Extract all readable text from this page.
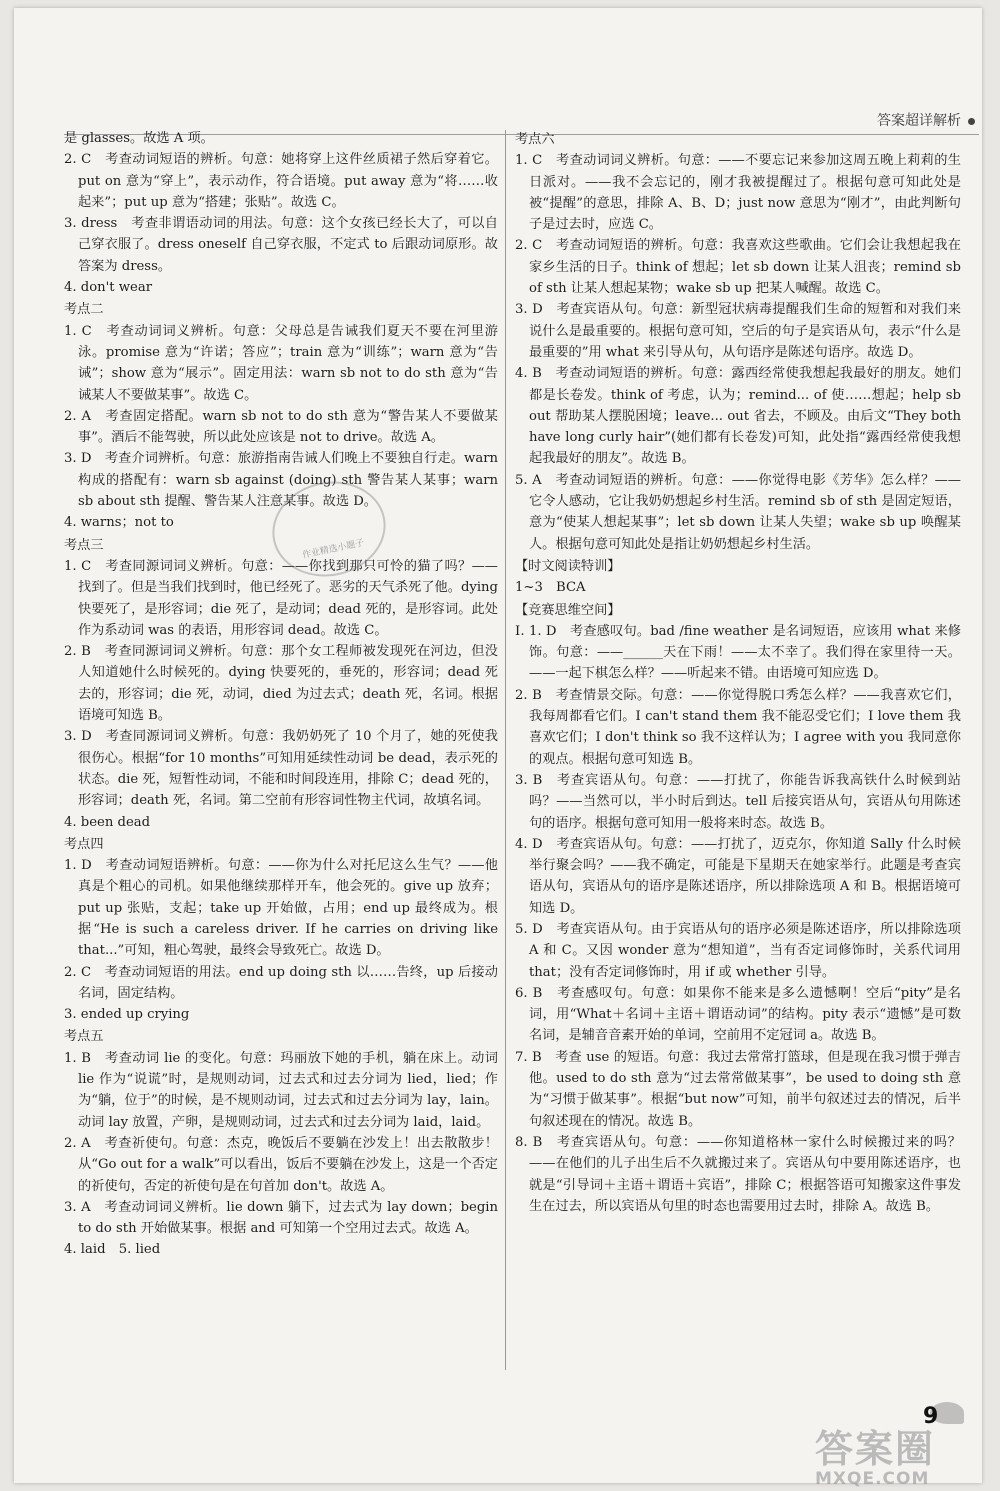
答案超详解析

是 glasses。故选 A 项。

2. C　考查动词短语的辨析。句意：她将穿上这件丝质裙子然后穿着它。put on 意为“穿上”，表示动作，符合语境。put away 意为“将……收起来”；put up 意为“搭建；张贴”。故选 C。

3. dress　考查非谓语动词的用法。句意：这个女孩已经长大了，可以自己穿衣服了。dress oneself 自己穿衣服，不定式 to 后跟动词原形。故答案为 dress。

4. don't wear

考点二

1. C　考查动词词义辨析。句意：父母总是告诫我们夏天不要在河里游泳。promise 意为“许诺；答应”；train 意为“训练”；warn 意为“告诫”；show 意为“展示”。固定用法：warn sb not to do sth 意为“告诫某人不要做某事”。故选 C。

2. A　考查固定搭配。warn sb not to do sth 意为“警告某人不要做某事”。酒后不能驾驶，所以此处应该是 not to drive。故选 A。

3. D　考查介词辨析。句意：旅游指南告诫人们晚上不要独自行走。warn 构成的搭配有：warn sb against (doing) sth 警告某人某事；warn sb about sth 提醒、警告某人注意某事。故选 D。

4. warns；not to

考点三

1. C　考查同源词词义辨析。句意：——你找到那只可怜的猫了吗？——找到了。但是当我们找到时，他已经死了。恶劣的天气杀死了他。dying 快要死了，是形容词；die 死了，是动词；dead 死的，是形容词。此处作为系动词 was 的表语，用形容词 dead。故选 C。

2. B　考查同源词词义辨析。句意：那个女工程师被发现死在河边，但没人知道她什么时候死的。dying 快要死的，垂死的，形容词；dead 死去的，形容词；die 死，动词，died 为过去式；death 死，名词。根据语境可知选 B。

3. D　考查同源词词义辨析。句意：我奶奶死了 10 个月了，她的死使我很伤心。根据“for 10 months”可知用延续性动词 be dead，表示死的状态。die 死，短暂性动词，不能和时间段连用，排除 C；dead 死的，形容词；death 死，名词。第二空前有形容词性物主代词，故填名词。

4. been dead

考点四

1. D　考查动词短语辨析。句意：——你为什么对托尼这么生气？——他真是个粗心的司机。如果他继续那样开车，他会死的。give up 放弃；put up 张贴，支起；take up 开始做，占用；end up 最终成为。根据“He is such a careless driver. If he carries on driving like that...”可知，粗心驾驶，最终会导致死亡。故选 D。

2. C　考查动词短语的用法。end up doing sth 以……告终，up 后接动名词，固定结构。

3. ended up crying

考点五

1. B　考查动词 lie 的变化。句意：玛丽放下她的手机，躺在床上。动词 lie 作为“说谎”时，是规则动词，过去式和过去分词为 lied，lied；作为“躺，位于”的时候，是不规则动词，过去式和过去分词为 lay，lain。动词 lay 放置，产卵，是规则动词，过去式和过去分词为 laid，laid。

2. A　考查祈使句。句意：杰克，晚饭后不要躺在沙发上！出去散散步！从“Go out for a walk”可以看出，饭后不要躺在沙发上，这是一个否定的祈使句，否定的祈使句是在句首加 don't。故选 A。

3. A　考查动词词义辨析。lie down 躺下，过去式为 lay down；begin to do sth 开始做某事。根据 and 可知第一个空用过去式。故选 A。

4. laid　5. lied

考点六

1. C　考查动词词义辨析。句意：——不要忘记来参加这周五晚上莉莉的生日派对。——我不会忘记的，刚才我被提醒过了。根据句意可知此处是被“提醒”的意思，排除 A、B、D；just now 意思为“刚才”，由此判断句子是过去时，应选 C。

2. C　考查动词短语的辨析。句意：我喜欢这些歌曲。它们会让我想起我在家乡生活的日子。think of 想起；let sb down 让某人沮丧；remind sb of sth 让某人想起某物；wake sb up 把某人喊醒。故选 C。

3. D　考查宾语从句。句意：新型冠状病毒提醒我们生命的短暂和对我们来说什么是最重要的。根据句意可知，空后的句子是宾语从句，表示“什么是最重要的”用 what 来引导从句，从句语序是陈述句语序。故选 D。

4. B　考查动词短语的辨析。句意：露西经常使我想起我最好的朋友。她们都是长卷发。think of 考虑，认为；remind... of 使……想起；help sb out 帮助某人摆脱困境；leave... out 省去，不顾及。由后文“They both have long curly hair”(她们都有长卷发)可知，此处指“露西经常使我想起我最好的朋友”。故选 B。

5. A　考查动词短语的辨析。句意：——你觉得电影《芳华》怎么样？——它令人感动，它让我奶奶想起乡村生活。remind sb of sth 是固定短语，意为“使某人想起某事”；let sb down 让某人失望；wake sb up 唤醒某人。根据句意可知此处是指让奶奶想起乡村生活。

【时文阅读特训】

1~3　BCA

【竞赛思维空间】

Ⅰ. 1. D　考查感叹句。bad /fine weather 是名词短语，应该用 what 来修饰。句意：——______天在下雨！——太不幸了。我们得在家里待一天。——一起下棋怎么样？——听起来不错。由语境可知应选 D。

2. B　考查情景交际。句意：——你觉得脱口秀怎么样？——我喜欢它们，我每周都看它们。I can't stand them 我不能忍受它们；I love them 我喜欢它们；I don't think so 我不这样认为；I agree with you 我同意你的观点。根据句意可知选 B。

3. B　考查宾语从句。句意：——打扰了，你能告诉我高铁什么时候到站吗？——当然可以，半小时后到达。tell 后接宾语从句，宾语从句用陈述句的语序。根据句意可知用一般将来时态。故选 B。

4. D　考查宾语从句。句意：——打扰了，迈克尔，你知道 Sally 什么时候举行聚会吗？——我不确定，可能是下星期天在她家举行。此题是考查宾语从句，宾语从句的语序是陈述语序，所以排除选项 A 和 B。根据语境可知选 D。

5. D　考查宾语从句。由于宾语从句的语序必须是陈述语序，所以排除选项 A 和 C。又因 wonder 意为“想知道”，当有否定词修饰时，关系代词用 that；没有否定词修饰时，用 if 或 whether 引导。

6. B　考查感叹句。句意：如果你不能来是多么遗憾啊！空后“pity”是名词，用“What＋名词＋主语＋谓语动词”的结构。pity 表示“遗憾”是可数名词，是辅音音素开始的单词，空前用不定冠词 a。故选 B。

7. B　考查 use 的短语。句意：我过去常常打篮球，但是现在我习惯于弹吉他。used to do sth 意为“过去常常做某事”，be used to doing sth 意为“习惯于做某事”。根据“but now”可知，前半句叙述过去的情况，后半句叙述现在的情况。故选 B。

8. B　考查宾语从句。句意：——你知道格林一家什么时候搬过来的吗？——在他们的儿子出生后不久就搬过来了。宾语从句中要用陈述语序，也就是“引导词＋主语＋谓语＋宾语”，排除 C；根据答语可知搬家这件事发生在过去，所以宾语从句里的时态也需要用过去时，排除 A。故选 B。

作业精选小题子
9
答案圈
MXQE.COM
